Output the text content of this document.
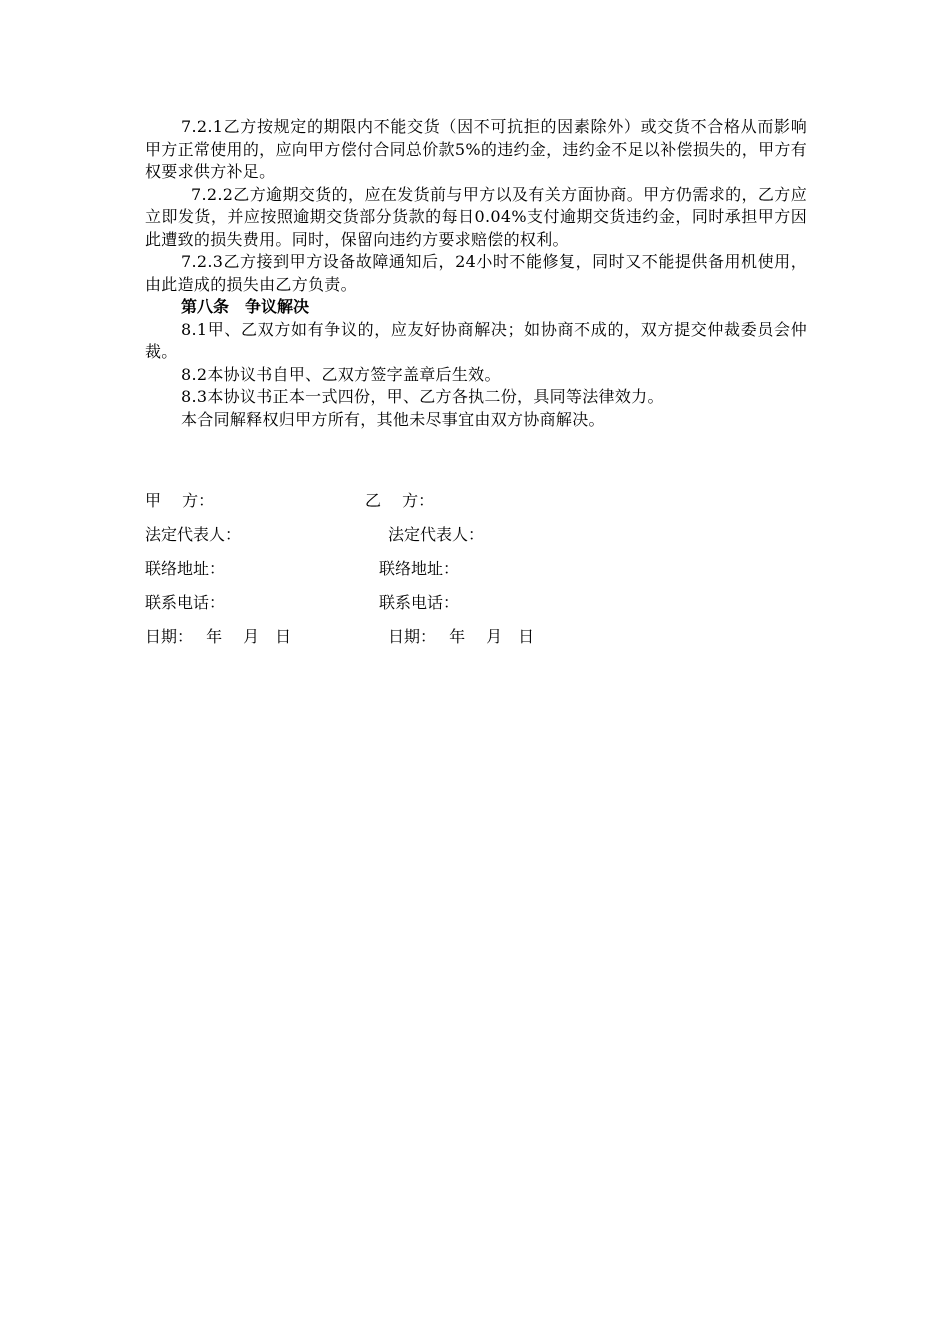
7.2.1乙方按规定的期限内不能交货（因不可抗拒的因素除外）或交货不合格从而影响甲方正常使用的，应向甲方偿付合同总价款5%的违约金，违约金不足以补偿损失的，甲方有权要求供方补足。

7.2.2乙方逾期交货的，应在发货前与甲方以及有关方面协商。甲方仍需求的，乙方应立即发货，并应按照逾期交货部分货款的每日0.04%支付逾期交货违约金，同时承担甲方因此遭致的损失费用。同时，保留向违约方要求赔偿的权利。

7.2.3乙方接到甲方设备故障通知后，24小时不能修复，同时又不能提供备用机使用，由此造成的损失由乙方负责。

第八条　争议解决

8.1甲、乙双方如有争议的，应友好协商解决；如协商不成的，双方提交仲裁委员会仲裁。

8.2本协议书自甲、乙双方签字盖章后生效。

8.3本协议书正本一式四份，甲、乙方各执二份，具同等法律效力。

本合同解释权归甲方所有，其他未尽事宜由双方协商解决。

甲　 方：	乙　 方：
法定代表人：	法定代表人：
联络地址：	联络地址：
联系电话：	联系电话：
日期：　 年　 月　日	日期：　 年　 月　日
